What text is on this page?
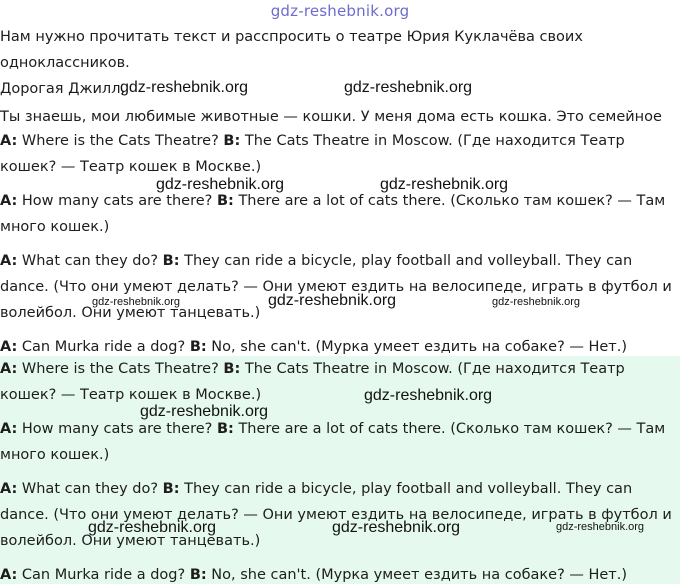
gdz-reshebnik.org

Нам нужно прочитать текст и расспросить о театре Юрия Куклачёва своих

одноклассников.

Дорогая Джилл,

Ты знаешь, мои любимые животные — кошки. У меня дома есть кошка. Это семейное

A: Where is the Cats Theatre? B: The Cats Theatre in Moscow. (Где находится Театр кошек? — Театр кошек в Москве.)

A: How many cats are there? B: There are a lot of cats there. (Сколько там кошек? — Там много кошек.)

A: What can they do? B: They can ride a bicycle, play football and volleyball. They can dance. (Что они умеют делать? — Они умеют ездить на велосипеде, играть в футбол и волейбол. Они умеют танцевать.)

A: Can Murka ride a dog? B: No, she can't. (Мурка умеет ездить на собаке? — Нет.)

A: Where is the Cats Theatre? B: The Cats Theatre in Moscow. (Где находится Театр кошек? — Театр кошек в Москве.)

A: How many cats are there? B: There are a lot of cats there. (Сколько там кошек? — Там много кошек.)

A: What can they do? B: They can ride a bicycle, play football and volleyball. They can dance. (Что они умеют делать? — Они умеют ездить на велосипеде, играть в футбол и волейбол. Они умеют танцевать.)

A: Can Murka ride a dog? B: No, she can't. (Мурка умеет ездить на собаке? — Нет.)

gdz-reshebnik.org	gdz-reshebnik.org
gdz-reshebnik.org	gdz-reshebnik.org
gdz-reshebnik.org	gdz-reshebnik.org	gdz-reshebnik.org
gdz-reshebnik.org
gdz-reshebnik.org
gdz-reshebnik.org	gdz-reshebnik.org	gdz-reshebnik.org
